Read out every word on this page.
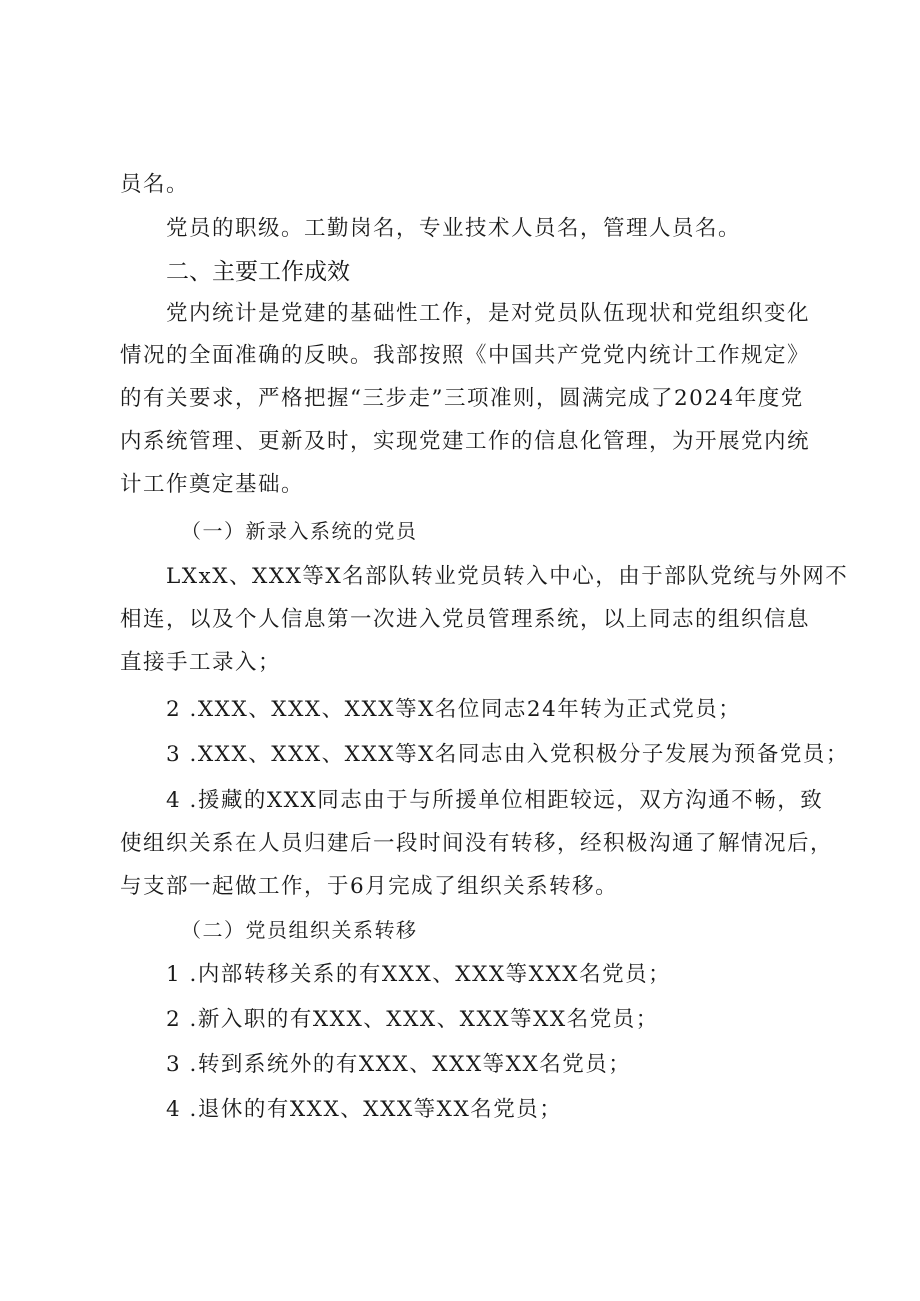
员名。
党员的职级。工勤岗名，专业技术人员名，管理人员名。
二、主要工作成效
党内统计是党建的基础性工作，是对党员队伍现状和党组织变化
情况的全面准确的反映。我部按照《中国共产党党内统计工作规定》
的有关要求，严格把握“三步走”三项准则，圆满完成了2024年度党
内系统管理、更新及时，实现党建工作的信息化管理，为开展党内统
计工作奠定基础。
（一）新录入系统的党员
LXxX、XXX等X名部队转业党员转入中心，由于部队党统与外网不
相连，以及个人信息第一次进入党员管理系统，以上同志的组织信息
直接手工录入；
2 .XXX、XXX、XXX等X名位同志24年转为正式党员；
3 .XXX、XXX、XXX等X名同志由入党积极分子发展为预备党员；
4 .援藏的XXX同志由于与所援单位相距较远，双方沟通不畅，致
使组织关系在人员归建后一段时间没有转移，经积极沟通了解情况后，
与支部一起做工作，于6月完成了组织关系转移。
（二）党员组织关系转移
1 .内部转移关系的有XXX、XXX等XXX名党员；
2 .新入职的有XXX、XXX、XXX等XX名党员；
3 .转到系统外的有XXX、XXX等XX名党员；
4 .退休的有XXX、XXX等XX名党员；
